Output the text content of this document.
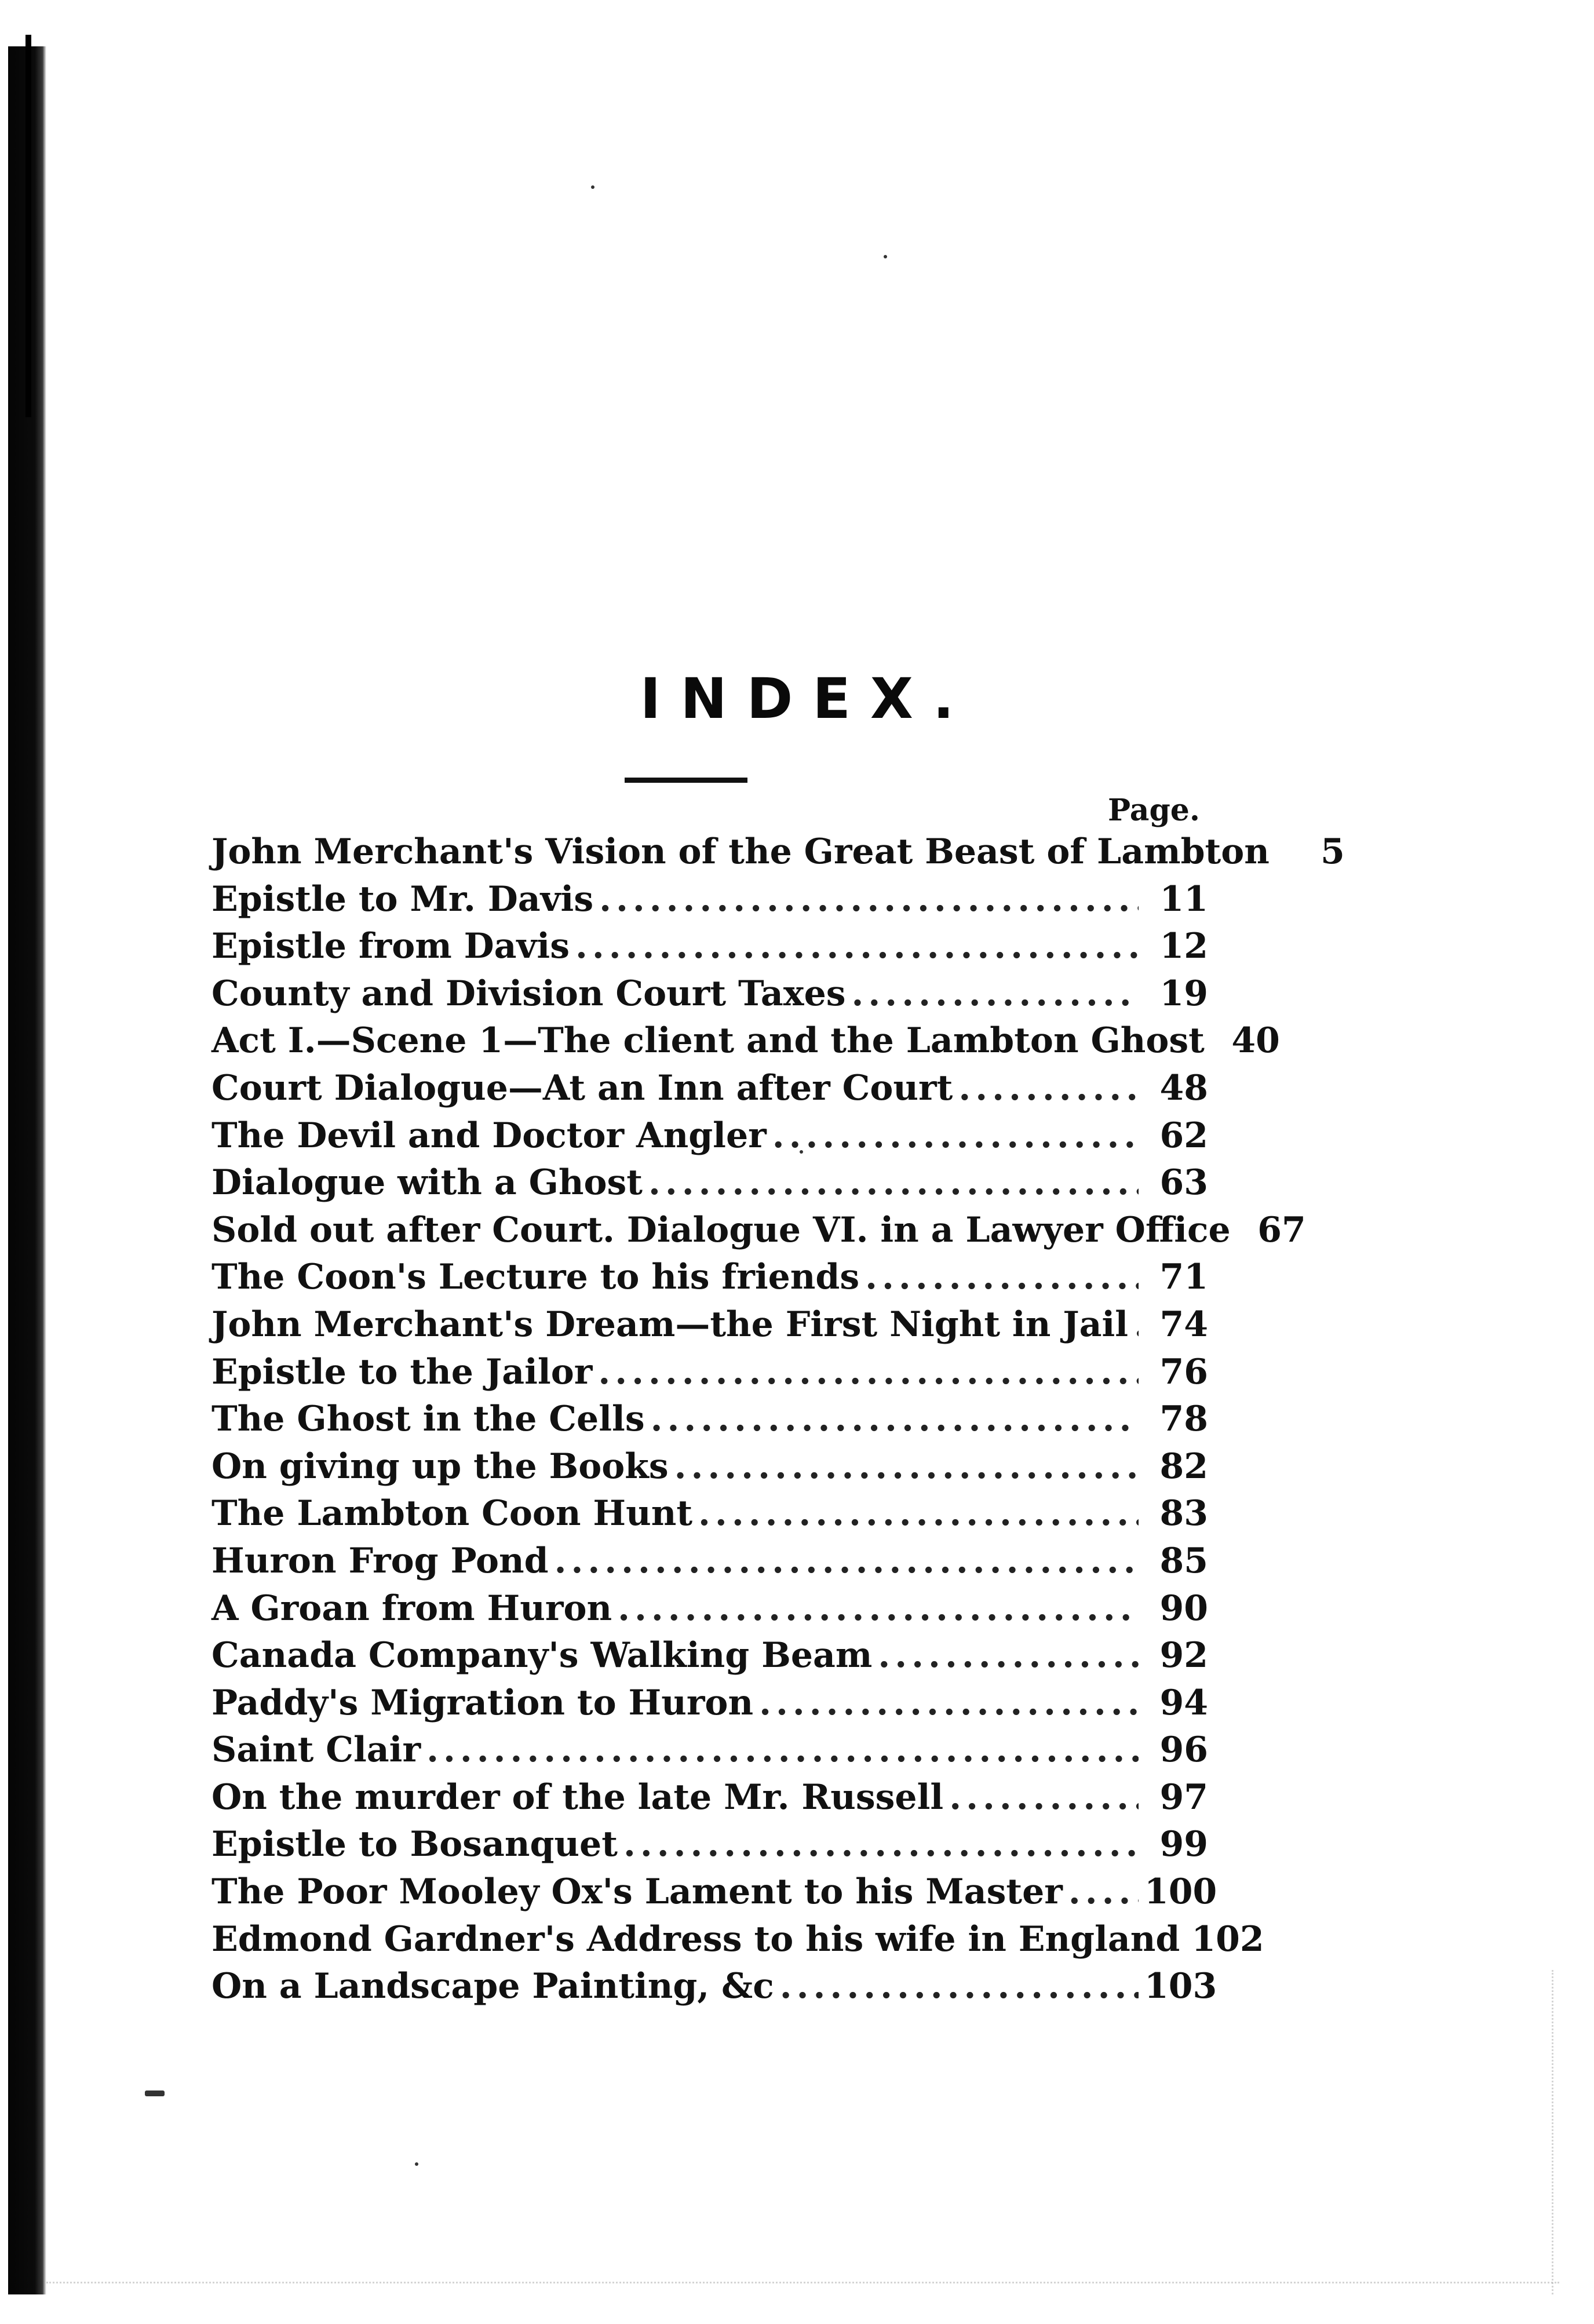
INDEX.
Page.
John Merchant's Vision of the Great Beast of Lambton	5
Epistle to Mr. Davis .....	11
Epistle from Davis .....	12
County and Division Court Taxes .....	19
Act I.—Scene 1—The client and the Lambton Ghost 40
Court Dialogue—At an Inn after Court .....	48
The Devil and Doctor Angler .....	62
Dialogue with a Ghost .....	63
Sold out after Court. Dialogue VI. in a Lawyer Office 67
The Coon's Lecture to his friends .....	71
John Merchant's Dream—the First Night in Jail ..... 74
Epistle to the Jailor .....	76
The Ghost in the Cells .....	78
On giving up the Books .....	82
The Lambton Coon Hunt .....	83
Huron Frog Pond .....	85
A Groan from Huron .....	90
Canada Company's Walking Beam .....	92
Paddy's Migration to Huron .....	94
Saint Clair .....	96
On the murder of the late Mr. Russell .....	97
Epistle to Bosanquet .....	99
The Poor Mooley Ox's Lament to his Master ..... 100
Edmond Gardner's Address to his wife in England 102
On a Landscape Painting, &c .....	103
